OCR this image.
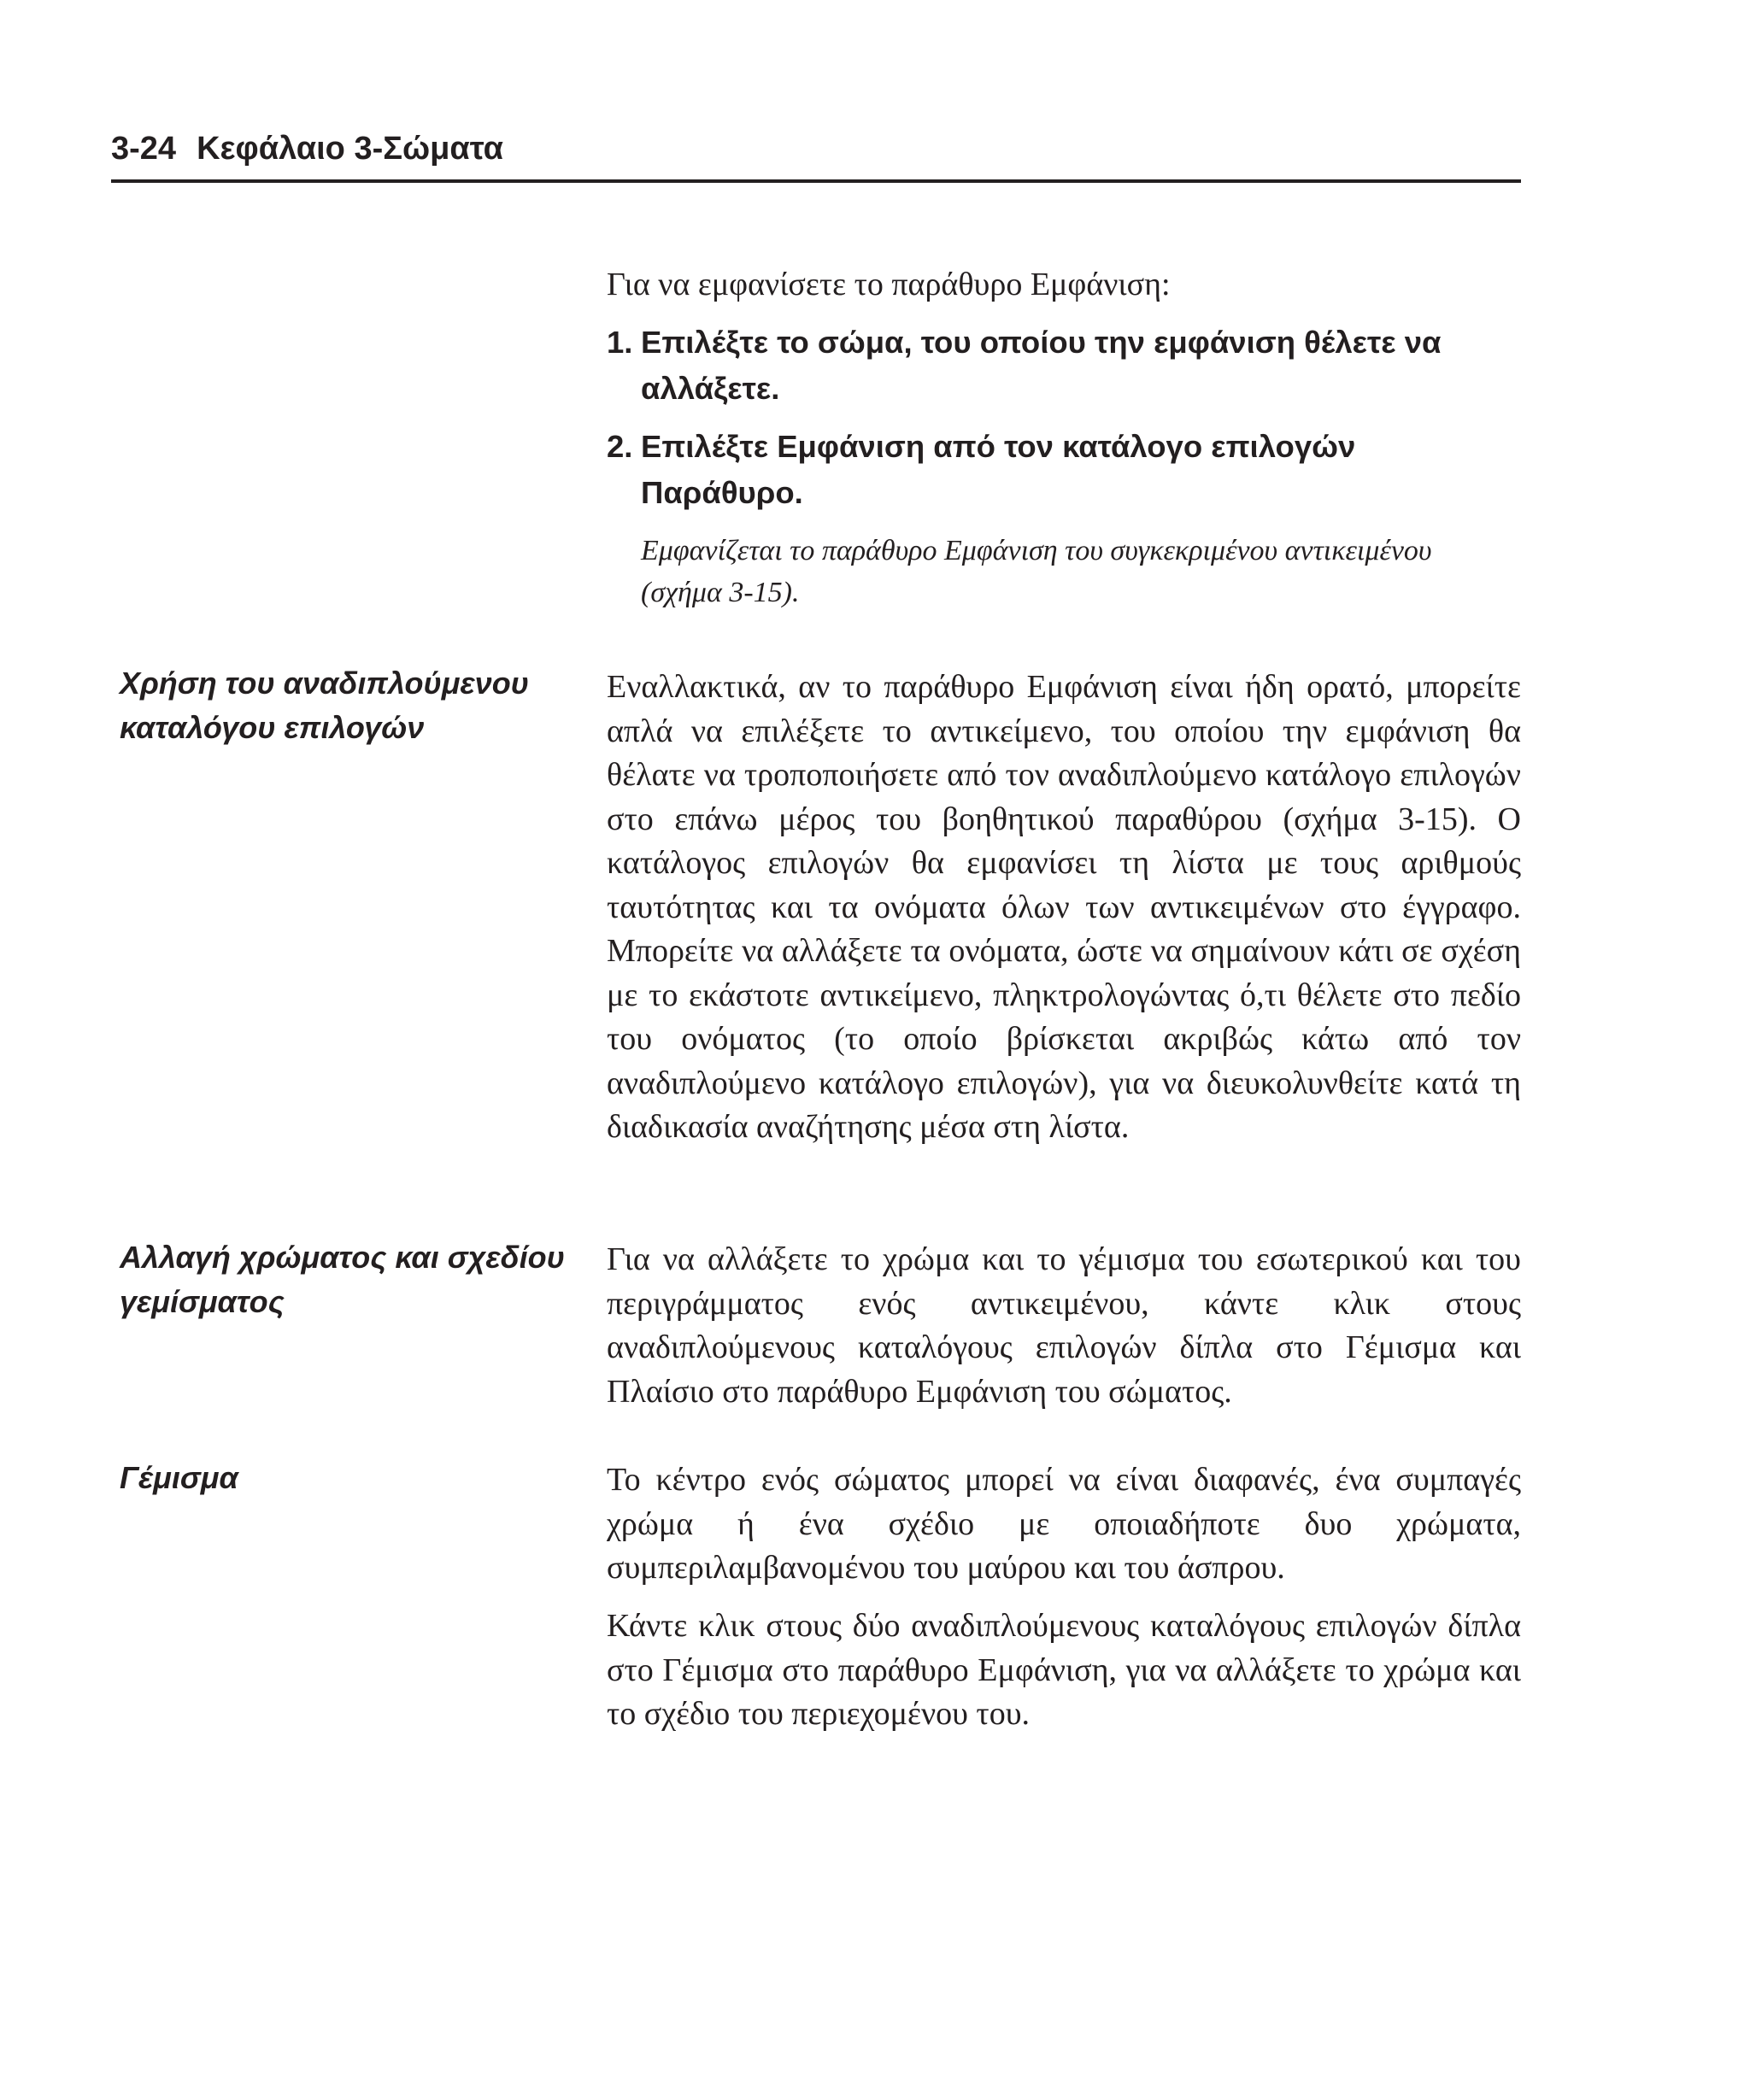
3-24 Κεφάλαιο 3-Σώματα
Για να εμφανίσετε το παράθυρο Εμφάνιση:
1. Επιλέξτε το σώμα, του οποίου την εμφάνιση θέλετε να αλλάξετε.
2. Επιλέξτε Εμφάνιση από τον κατάλογο επιλογών Παράθυρο.
Εμφανίζεται το παράθυρο Εμφάνιση του συγκεκριμένου αντικειμένου (σχήμα 3-15).
Χρήση του αναδιπλούμενου καταλόγου επιλογών
Εναλλακτικά, αν το παράθυρο Εμφάνιση είναι ήδη ορατό, μπορείτε απλά να επιλέξετε το αντικείμενο, του οποίου την εμφάνιση θα θέλατε να τροποποιήσετε από τον αναδιπλούμενο κατάλογο επιλογών στο επάνω μέρος του βοηθητικού παραθύρου (σχήμα 3-15). Ο κατάλογος επιλογών θα εμφανίσει τη λίστα με τους αριθμούς ταυτότητας και τα ονόματα όλων των αντικειμένων στο έγγραφο. Μπορείτε να αλλάξετε τα ονόματα, ώστε να σημαίνουν κάτι σε σχέση με το εκάστοτε αντικείμενο, πληκτρολογώντας ό,τι θέλετε στο πεδίο του ονόματος (το οποίο βρίσκεται ακριβώς κάτω από τον αναδιπλούμενο κατάλογο επιλογών), για να διευκολυνθείτε κατά τη διαδικασία αναζήτησης μέσα στη λίστα.
Αλλαγή χρώματος και σχεδίου γεμίσματος
Για να αλλάξετε το χρώμα και το γέμισμα του εσωτερικού και του περιγράμματος ενός αντικειμένου, κάντε κλικ στους αναδιπλούμενους καταλόγους επιλογών δίπλα στο Γέμισμα και Πλαίσιο στο παράθυρο Εμφάνιση του σώματος.
Γέμισμα	Το κέντρο ενός σώματος μπορεί να είναι διαφανές, ένα συμπαγές χρώμα ή ένα σχέδιο με οποιαδήποτε δυο χρώματα, συμπεριλαμβανομένου του μαύρου και του άσπρου.
Κάντε κλικ στους δύο αναδιπλούμενους καταλόγους επιλογών δίπλα στο Γέμισμα στο παράθυρο Εμφάνιση, για να αλλάξετε το χρώμα και το σχέδιο του περιεχομένου του.
